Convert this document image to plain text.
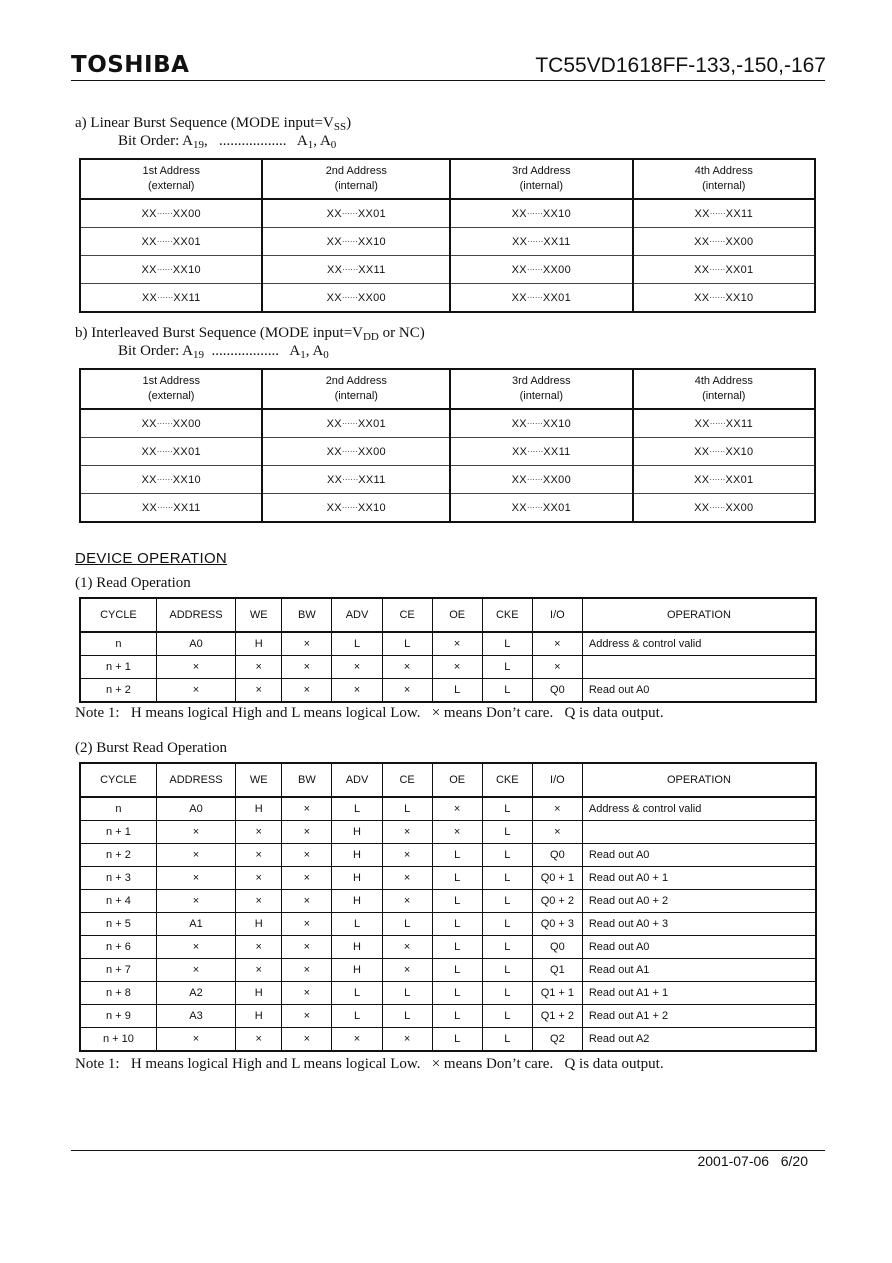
TOSHIBA	TC55VD1618FF-133,-150,-167
a) Linear Burst Sequence (MODE $input=V_{SS}$)
Bit Order: $A_{19}$,   ..................   $A_1$, $A_0$
1st Address
(external)	2nd Address
(internal)	3rd Address
(internal)	4th Address
(internal)
XX······XX00	XX······XX01	XX······XX10	XX······XX11
XX······XX01	XX······XX10	XX······XX11	XX······XX00
XX······XX10	XX······XX11	XX······XX00	XX······XX01
XX······XX11	XX······XX00	XX······XX01	XX······XX10
b) Interleaved Burst Sequence (MODE $input=V_{DD}$ or NC)
Bit Order: $A_{19}$  ..................   $A_1$, $A_0$
1st Address
(external)	2nd Address
(internal)	3rd Address
(internal)	4th Address
(internal)
XX······XX00	XX······XX01	XX······XX10	XX······XX11
XX······XX01	XX······XX00	XX······XX11	XX······XX10
XX······XX10	XX······XX11	XX······XX00	XX······XX01
XX······XX11	XX······XX10	XX······XX01	XX······XX00
DEVICE OPERATION
(1) Read Operation
CYCLE	ADDRESS	WE	BW	ADV	CE	OE	CKE	I/O	OPERATION
n	A0	H	×	L	L	×	L	×	Address & control valid
n + 1	×	×	×	×	×	×	L	×	
n + 2	×	×	×	×	×	L	L	Q0	Read out A0
Note 1:   H means logical High and L means logical Low.   × means Don’t care.   Q is data output.
(2) Burst Read Operation
CYCLE	ADDRESS	WE	BW	ADV	CE	OE	CKE	I/O	OPERATION
n	A0	H	×	L	L	×	L	×	Address & control valid
n + 1	×	×	×	H	×	×	L	×	
n + 2	×	×	×	H	×	L	L	Q0	Read out A0
n + 3	×	×	×	H	×	L	L	Q0 + 1	Read out A0 + 1
n + 4	×	×	×	H	×	L	L	Q0 + 2	Read out A0 + 2
n + 5	A1	H	×	L	L	L	L	Q0 + 3	Read out A0 + 3
n + 6	×	×	×	H	×	L	L	Q0	Read out A0
n + 7	×	×	×	H	×	L	L	Q1	Read out A1
n + 8	A2	H	×	L	L	L	L	Q1 + 1	Read out A1 + 1
n + 9	A3	H	×	L	L	L	L	Q1 + 2	Read out A1 + 2
n + 10	×	×	×	×	×	L	L	Q2	Read out A2
Note 1:   H means logical High and L means logical Low.   × means Don’t care.   Q is data output.
2001-07-06   6/20
